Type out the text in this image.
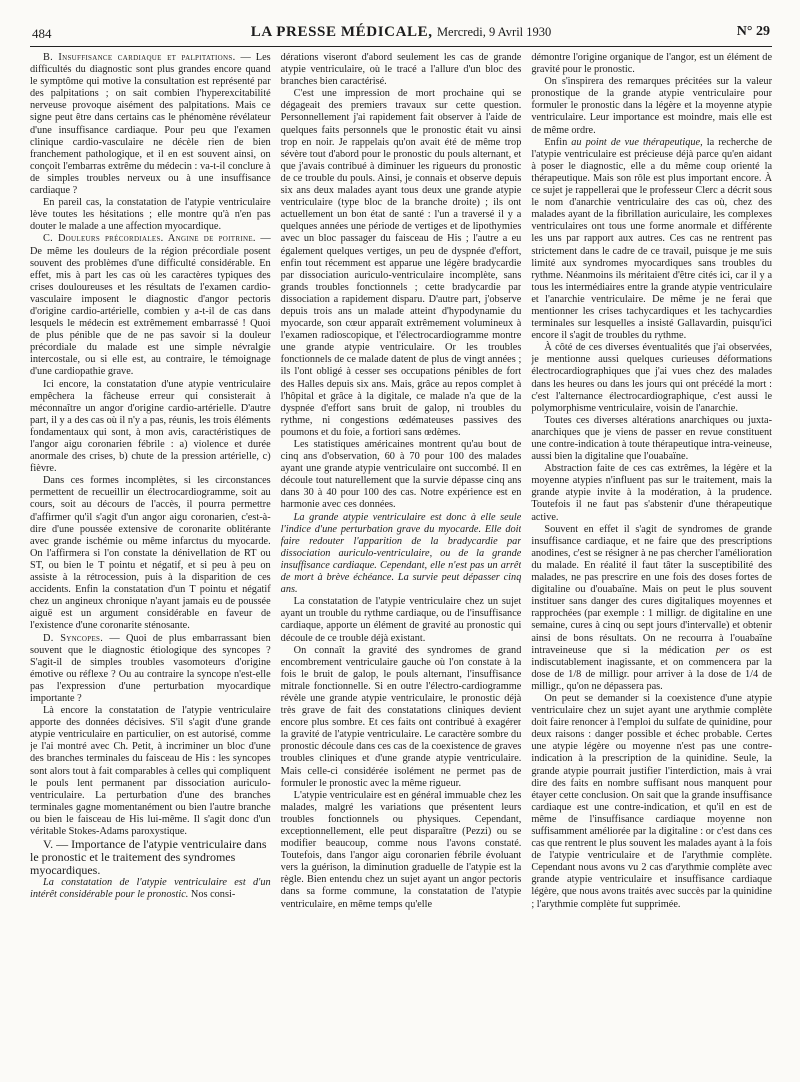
484	LA PRESSE MÉDICALE, Mercredi, 9 Avril 1930	N° 29

B. Insuffisance cardiaque et palpitations. — Les difficultés du diagnostic sont plus grandes encore quand le symptôme qui motive la consultation est représenté par des palpitations ; on sait combien l'hyperexcitabilité nerveuse provoque aisément des palpitations. Mais ce signe peut être dans certains cas le phénomène révélateur d'une insuffisance cardiaque. Pour peu que l'examen clinique cardio-vasculaire ne décèle rien de bien franchement pathologique, et il en est souvent ainsi, on conçoit l'embarras extrême du médecin : va-t-il conclure à de simples troubles nerveux ou à une insuffisance cardiaque ?

En pareil cas, la constatation de l'atypie ventriculaire lève toutes les hésitations ; elle montre qu'à n'en pas douter le malade a une affection myocardique.

C. Douleurs précordiales. Angine de poitrine. — De même les douleurs de la région précordiale posent souvent des problèmes d'une difficulté considérable. En effet, mis à part les cas où les caractères typiques des crises douloureuses et les résultats de l'examen cardio-vasculaire imposent le diagnostic d'angor pectoris d'origine cardio-artérielle, combien y a-t-il de cas dans lesquels le médecin est extrêmement embarrassé ! Quoi de plus pénible que de ne pas savoir si la douleur précordiale du malade est une simple névralgie intercostale, ou si elle est, au contraire, le témoignage d'une cardiopathie grave.

Ici encore, la constatation d'une atypie ventriculaire empêchera la fâcheuse erreur qui consisterait à méconnaître un angor d'origine cardio-artérielle. D'autre part, il y a des cas où il n'y a pas, réunis, les trois éléments fondamentaux qui sont, à mon avis, caractéristiques de l'angor aigu coronarien fébrile : a) violence et durée anormale des crises, b) chute de la pression artérielle, c) fièvre.

Dans ces formes incomplètes, si les circonstances permettent de recueillir un électrocardiogramme, soit au cours, soit au décours de l'accès, il pourra permettre d'affirmer qu'il s'agit d'un angor aigu coronarien, c'est-à-dire d'une poussée extensive de coronarite oblitérante avec grande ischémie ou même infarctus du myocarde. On l'affirmera si l'on constate la dénivellation de RT ou ST, ou bien le T pointu et négatif, et si peu à peu on assiste à la rétrocession, puis à la disparition de ces accidents. Enfin la constatation d'un T pointu et négatif chez un angineux chronique n'ayant jamais eu de poussée aiguë est un argument considérable en faveur de l'existence d'une coronarite sténosante.

D. Syncopes. — Quoi de plus embarrassant bien souvent que le diagnostic étiologique des syncopes ? S'agit-il de simples troubles vasomoteurs d'origine émotive ou réflexe ? Ou au contraire la syncope n'est-elle pas l'expression d'une perturbation myocardique importante ?

Là encore la constatation de l'atypie ventriculaire apporte des données décisives. S'il s'agit d'une grande atypie ventriculaire en particulier, on est autorisé, comme je l'ai montré avec Ch. Petit, à incriminer un bloc d'une des branches terminales du faisceau de His : les syncopes sont alors tout à fait comparables à celles qui compliquent le pouls lent permanent par dissociation auriculo-ventriculaire. La perturbation d'une des branches terminales gagne momentanément ou bien l'autre branche ou bien le faisceau de His lui-même. Il s'agit donc d'un véritable Stokes-Adams paroxystique.

V. — Importance de l'atypie ventriculaire dans le pronostic et le traitement des syndromes myocardiques.

La constatation de l'atypie ventriculaire est d'un intérêt considérable pour le pronostic. Nos consi-

dérations viseront d'abord seulement les cas de grande atypie ventriculaire, où le tracé a l'allure d'un bloc des branches bien caractérisé.

C'est une impression de mort prochaine qui se dégageait des premiers travaux sur cette question. Personnellement j'ai rapidement fait observer à l'aide de quelques faits personnels que le pronostic était vu ainsi trop en noir. Je rappelais qu'on avait été de même trop sévère tout d'abord pour le pronostic du pouls alternant, et que j'avais contribué à diminuer les rigueurs du pronostic de ce trouble du pouls. Ainsi, je connais et observe depuis six ans deux malades ayant tous deux une grande atypie ventriculaire (type bloc de la branche droite) ; ils ont actuellement un bon état de santé : l'un a traversé il y a quelques années une période de vertiges et de lipothymies avec un bloc passager du faisceau de His ; l'autre a eu également quelques vertiges, un peu de dyspnée d'effort, enfin tout récemment est apparue une légère bradycardie par dissociation auriculo-ventriculaire incomplète, sans grands troubles fonctionnels ; cette bradycardie par dissociation a rapidement disparu. D'autre part, j'observe depuis trois ans un malade atteint d'hypodynamie du myocarde, son cœur apparaît extrêmement volumineux à l'examen radioscopique, et l'électrocardiogramme montre une grande atypie ventriculaire. Or les troubles fonctionnels de ce malade datent de plus de vingt années ; ils l'ont obligé à cesser ses occupations pénibles de fort des Halles depuis six ans. Mais, grâce au repos complet à l'hôpital et grâce à la digitale, ce malade n'a que de la dyspnée d'effort sans bruit de galop, ni troubles du rythme, ni congestions œdémateuses passives des poumons et du foie, a fortiori sans œdèmes.

Les statistiques américaines montrent qu'au bout de cinq ans d'observation, 60 à 70 pour 100 des malades ayant une grande atypie ventriculaire ont succombé. Il en découle tout naturellement que la survie dépasse cinq ans dans 30 à 40 pour 100 des cas. Notre expérience est en harmonie avec ces données.

La grande atypie ventriculaire est donc à elle seule l'indice d'une perturbation grave du myocarde. Elle doit faire redouter l'apparition de la bradycardie par dissociation auriculo-ventriculaire, ou de la grande insuffisance cardiaque. Cependant, elle n'est pas un arrêt de mort à brève échéance. La survie peut dépasser cinq ans.

La constatation de l'atypie ventriculaire chez un sujet ayant un trouble du rythme cardiaque, ou de l'insuffisance cardiaque, apporte un élément de gravité au pronostic qui découle de ce trouble déjà existant.

On connaît la gravité des syndromes de grand encombrement ventriculaire gauche où l'on constate à la fois le bruit de galop, le pouls alternant, l'insuffisance mitrale fonctionnelle. Si en outre l'électro-cardiogramme révèle une grande atypie ventriculaire, le pronostic déjà très grave de fait des constatations cliniques devient encore plus sombre. Et ces faits ont contribué à exagérer la gravité de l'atypie ventriculaire. Le caractère sombre du pronostic découle dans ces cas de la coexistence de graves troubles cliniques et d'une grande atypie ventriculaire. Mais celle-ci considérée isolément ne permet pas de formuler le pronostic avec la même rigueur.

L'atypie ventriculaire est en général immuable chez les malades, malgré les variations que présentent leurs troubles fonctionnels ou physiques. Cependant, exceptionnellement, elle peut disparaître (Pezzi) ou se modifier beaucoup, comme nous l'avons constaté. Toutefois, dans l'angor aigu coronarien fébrile évoluant vers la guérison, la diminution graduelle de l'atypie est la règle. Bien entendu chez un sujet ayant un angor pectoris dans sa forme commune, la constatation de l'atypie ventriculaire, en même temps qu'elle

démontre l'origine organique de l'angor, est un élément de gravité pour le pronostic.

On s'inspirera des remarques précitées sur la valeur pronostique de la grande atypie ventriculaire pour formuler le pronostic dans la légère et la moyenne atypie ventriculaire. Leur importance est moindre, mais elle est de même ordre.

Enfin au point de vue thérapeutique, la recherche de l'atypie ventriculaire est précieuse déjà parce qu'en aidant à poser le diagnostic, elle a du même coup orienté la thérapeutique. Mais son rôle est plus important encore. À ce sujet je rappellerai que le professeur Clerc a décrit sous le nom d'anarchie ventriculaire des cas où, chez des malades ayant de la fibrillation auriculaire, les complexes ventriculaires ont tous une forme anormale et différente les uns par rapport aux autres. Ces cas ne rentrent pas strictement dans le cadre de ce travail, puisque je me suis limité aux syndromes myocardiques sans troubles du rythme. Néanmoins ils méritaient d'être cités ici, car il y a tous les intermédiaires entre la grande atypie ventriculaire et l'anarchie ventriculaire. De même je ne ferai que mentionner les crises tachycardiques et les tachycardies terminales sur lesquelles a insisté Gallavardin, puisqu'ici encore il s'agit de troubles du rythme.

À côté de ces diverses éventualités que j'ai observées, je mentionne aussi quelques curieuses déformations électrocardiographiques que j'ai vues chez des malades dans les heures ou dans les jours qui ont précédé la mort : c'est l'alternance électrocardiographique, c'est aussi le polymorphisme ventriculaire, voisin de l'anarchie.

Toutes ces diverses altérations anarchiques ou juxta-anarchiques que je viens de passer en revue constituent une contre-indication à toute thérapeutique intra-veineuse, aussi bien la digitaline que l'ouabaïne.

Abstraction faite de ces cas extrêmes, la légère et la moyenne atypies n'influent pas sur le traitement, mais la grande atypie invite à la modération, à la prudence. Toutefois il ne faut pas s'abstenir d'une thérapeutique active.

Souvent en effet il s'agit de syndromes de grande insuffisance cardiaque, et ne faire que des prescriptions anodines, c'est se résigner à ne pas chercher l'amélioration du malade. En réalité il faut tâter la susceptibilité des malades, ne pas prescrire en une fois des doses fortes de digitaline ou d'ouabaïne. Mais on peut le plus souvent instituer sans danger des cures digitaliques moyennes et rapprochées (par exemple : 1 milligr. de digitaline en une semaine, cures à cinq ou sept jours d'intervalle) et obtenir ainsi de bons résultats. On ne recourra à l'ouabaïne intraveineuse que si la médication per os est indiscutablement inagissante, et on commencera par la dose de 1/8 de milligr. pour arriver à la dose de 1/4 de milligr., qu'on ne dépassera pas.

On peut se demander si la coexistence d'une atypie ventriculaire chez un sujet ayant une arythmie complète doit faire renoncer à l'emploi du sulfate de quinidine, pour deux raisons : danger possible et échec probable. Certes une atypie légère ou moyenne n'est pas une contre-indication à la prescription de la quinidine. Seule, la grande atypie pourrait justifier l'interdiction, mais à vrai dire des faits en nombre suffisant nous manquent pour étayer cette conclusion. On sait que la grande insuffisance cardiaque est une contre-indication, et qu'il en est de même de l'insuffisance cardiaque moyenne non suffisamment améliorée par la digitaline : or c'est dans ces cas que rentrent le plus souvent les malades ayant à la fois de l'atypie ventriculaire et de l'arythmie complète. Cependant nous avons vu 2 cas d'arythmie complète avec grande atypie ventriculaire et insuffisance cardiaque légère, que nous avons traités avec succès par la quinidine ; l'arythmie complète fut supprimée.
